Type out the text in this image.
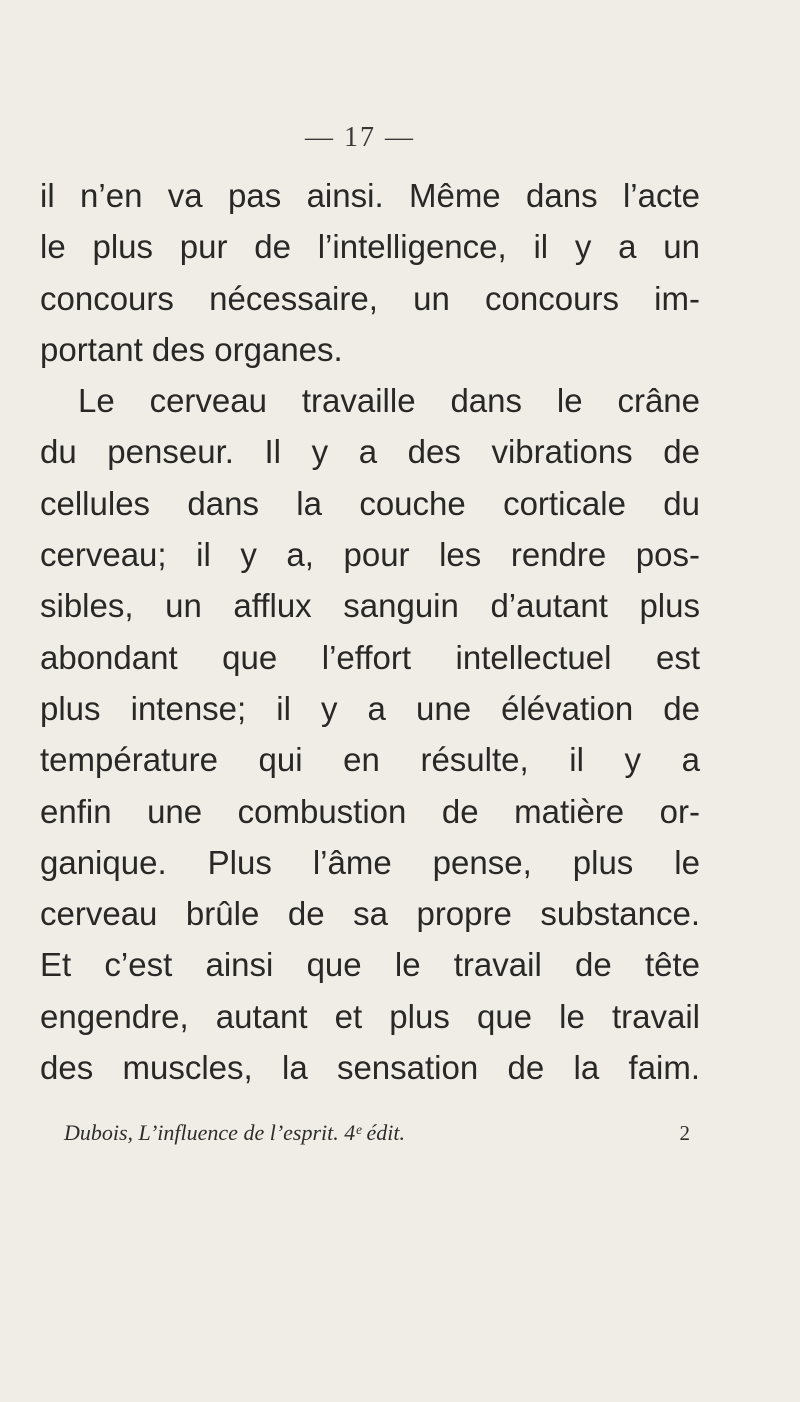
— 17 —
il n’en va pas ainsi. Même dans l’acte
le plus pur de l’intelligence, il y a un
concours nécessaire, un concours im-
portant des organes.
Le cerveau travaille dans le crâne
du penseur. Il y a des vibrations de
cellules dans la couche corticale du
cerveau; il y a, pour les rendre pos-
sibles, un afflux sanguin d’autant plus
abondant que l’effort intellectuel est
plus intense; il y a une élévation de
température qui en résulte, il y a
enfin une combustion de matière or-
ganique. Plus l’âme pense, plus le
cerveau brûle de sa propre substance.
Et c’est ainsi que le travail de tête
engendre, autant et plus que le travail
des muscles, la sensation de la faim.
Dubois, L’influence de l’esprit. 4ᵉ édit.	2
